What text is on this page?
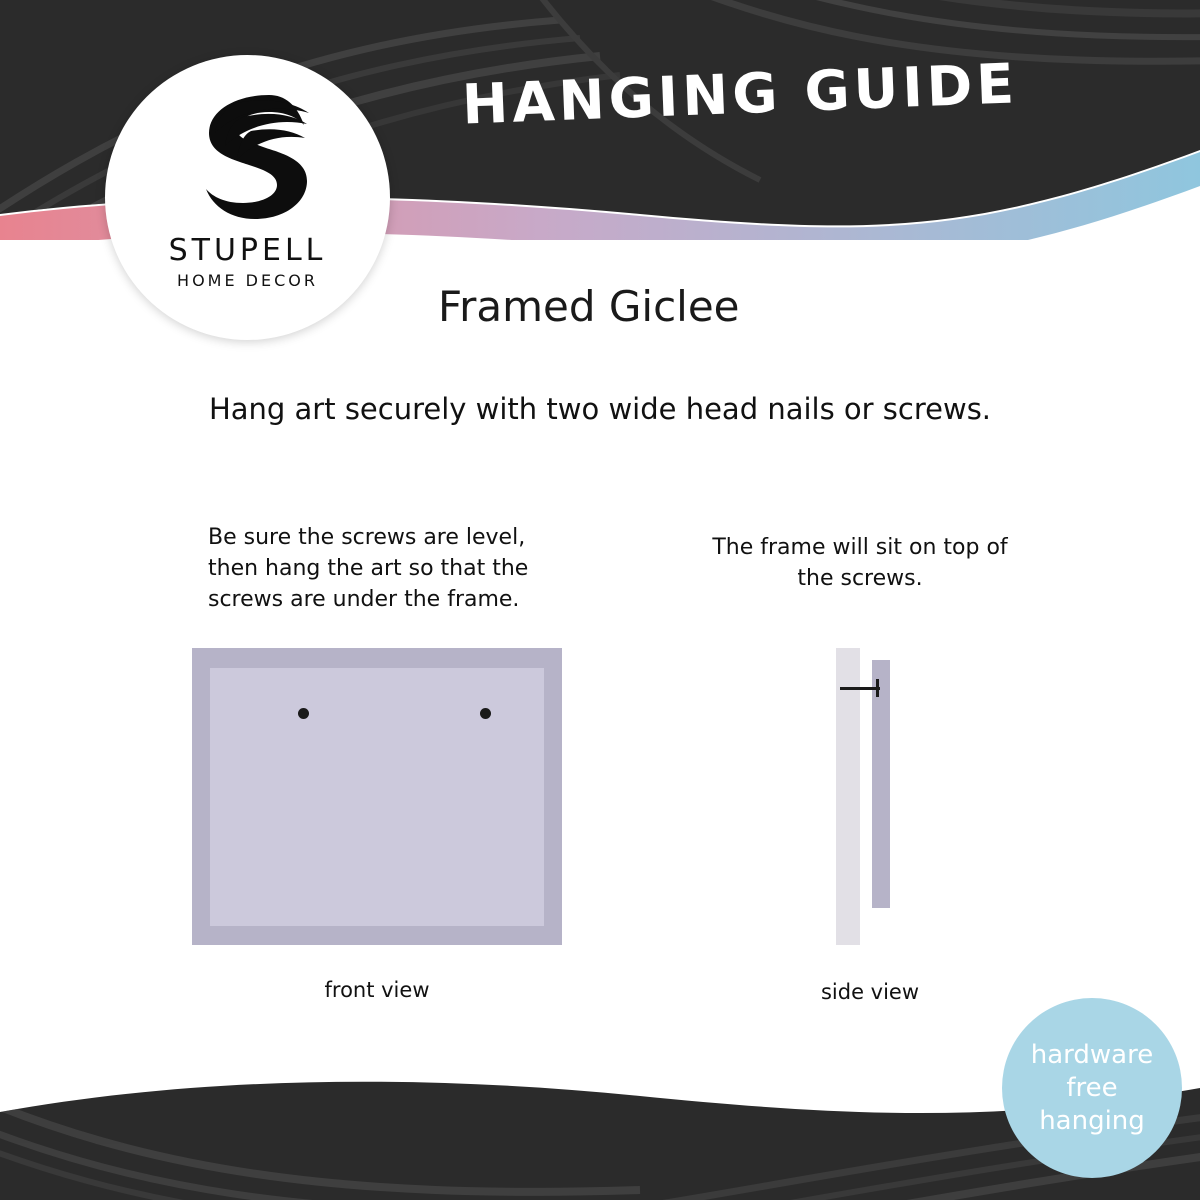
STUPELL
HOME DECOR
HANGING GUIDE
Framed Giclee
Hang art securely with two wide head nails or screws.
Be sure the screws are level, then hang the art so that the screws are under the frame.
The frame will sit on top of the screws.
front view	side view
hardware
free
hanging
